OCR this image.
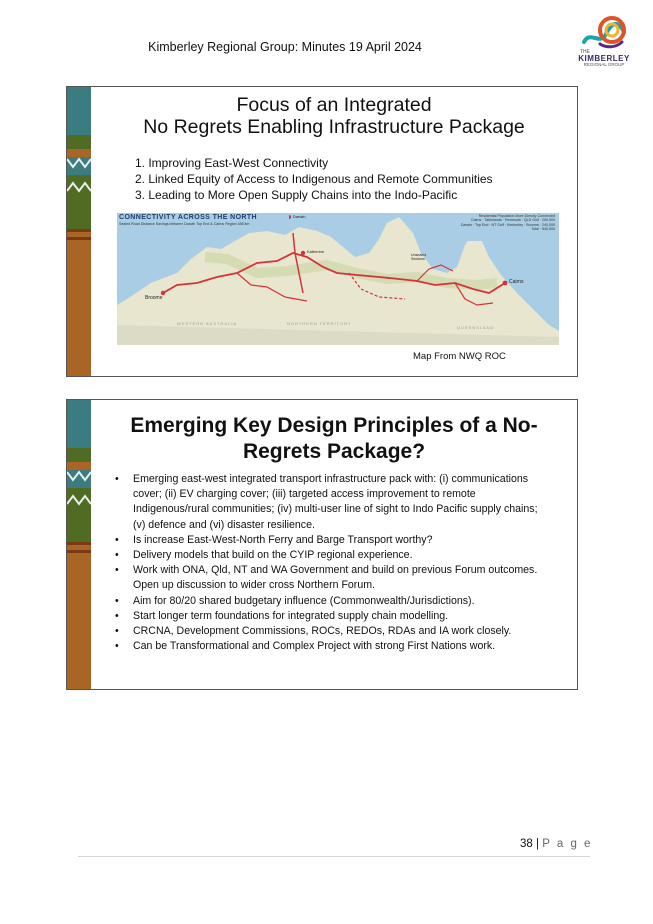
Kimberley Regional Group: Minutes 19 April 2024	THE
KIMBERLEY
REGIONAL GROUP
Focus of an Integrated
No Regrets Enabling Infrastructure Package
1. Improving East-West Connectivity
2. Linked Equity of Access to Indigenous and Remote Communities
3. Leading to More Open Supply Chains into the Indo-Pacific
CONNECTIVITY ACROSS THE NORTH
Sealed Road Distance Savings between Darwin Top End & Cairns Region 485 km
Residential Population More Directly Connected
Cairns · Tablelands · Peninsula · QLD Gulf · 200,000
Darwin · Top End · NT Gulf · Kimberley · Broome · 240,000
Total · 540,000
Darwin
Katherine
Broome
Cairns
Unsealed Sections
WESTERN AUSTRALIA	NORTHERN TERRITORY
QUEENSLAND
Map From NWQ ROC
Emerging Key Design Principles of a No-
Regrets Package?
• Emerging east-west integrated transport infrastructure pack with: (i) communications cover; (ii) EV charging cover; (iii) targeted access improvement to remote Indigenous/rural communities; (iv) multi-user line of sight to Indo Pacific supply chains; (v) defence and (vi) disaster resilience.
• Is increase East-West-North Ferry and Barge Transport worthy?
• Delivery models that build on the CYIP regional experience.
• Work with ONA, Qld, NT and WA Government and build on previous Forum outcomes. Open up discussion to wider cross Northern Forum.
• Aim for 80/20 shared budgetary influence (Commonwealth/Jurisdictions).
• Start longer term foundations for integrated supply chain modelling.
• CRCNA, Development Commissions, ROCs, REDOs, RDAs and IA work closely.
• Can be Transformational and Complex Project with strong First Nations work.
38 | P a g e
